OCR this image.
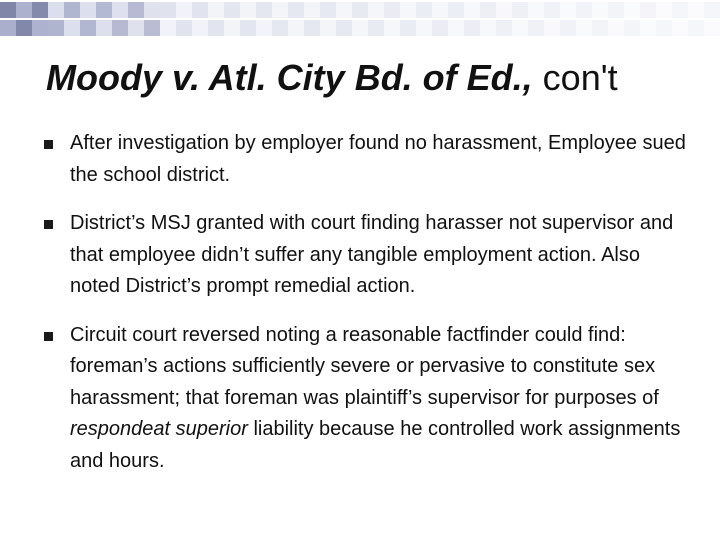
Moody v. Atl. City Bd. of Ed., con't
After investigation by employer found no harassment, Employee sued the school district.
District’s MSJ granted with court finding harasser not supervisor and that employee didn’t suffer any tangible employment action. Also noted District’s prompt remedial action.
Circuit court reversed noting a reasonable factfinder could find: foreman’s actions sufficiently severe or pervasive to constitute sex harassment; that foreman was plaintiff’s supervisor for purposes of respondeat superior liability because he controlled work assignments and hours.
